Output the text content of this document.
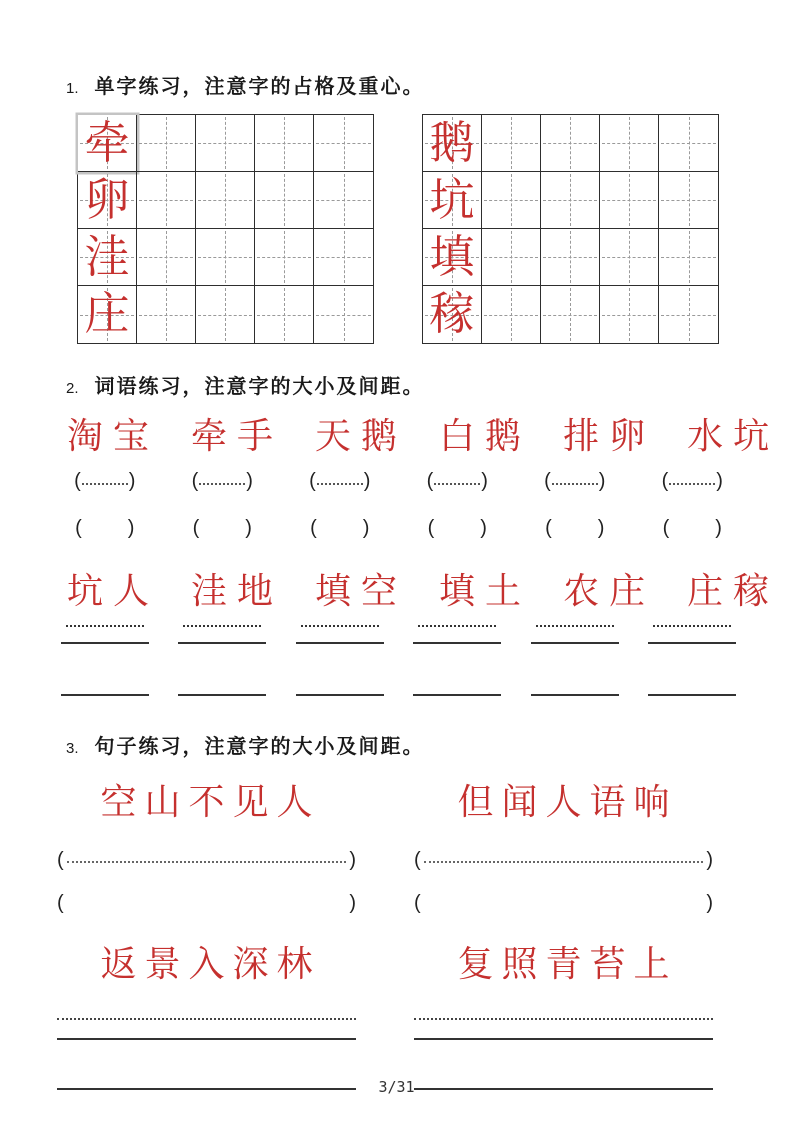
1. 单字练习，注意字的占格及重心。
牵
卵
洼
庄
鹅
坑
填
稼
2. 词语练习，注意字的大小及间距。
淘宝 牵手 天鹅 白鹅 排卵 水坑
( )	( )	( )	( )	( )	( )
( )	( )	( )	( )	( )	( )
坑人 洼地 填空 填土 农庄 庄稼
3. 句子练习，注意字的大小及间距。
空山不见人	但闻人语响
(	)	(	)
(	)	(	)
返景入深林	复照青苔上
3/31
